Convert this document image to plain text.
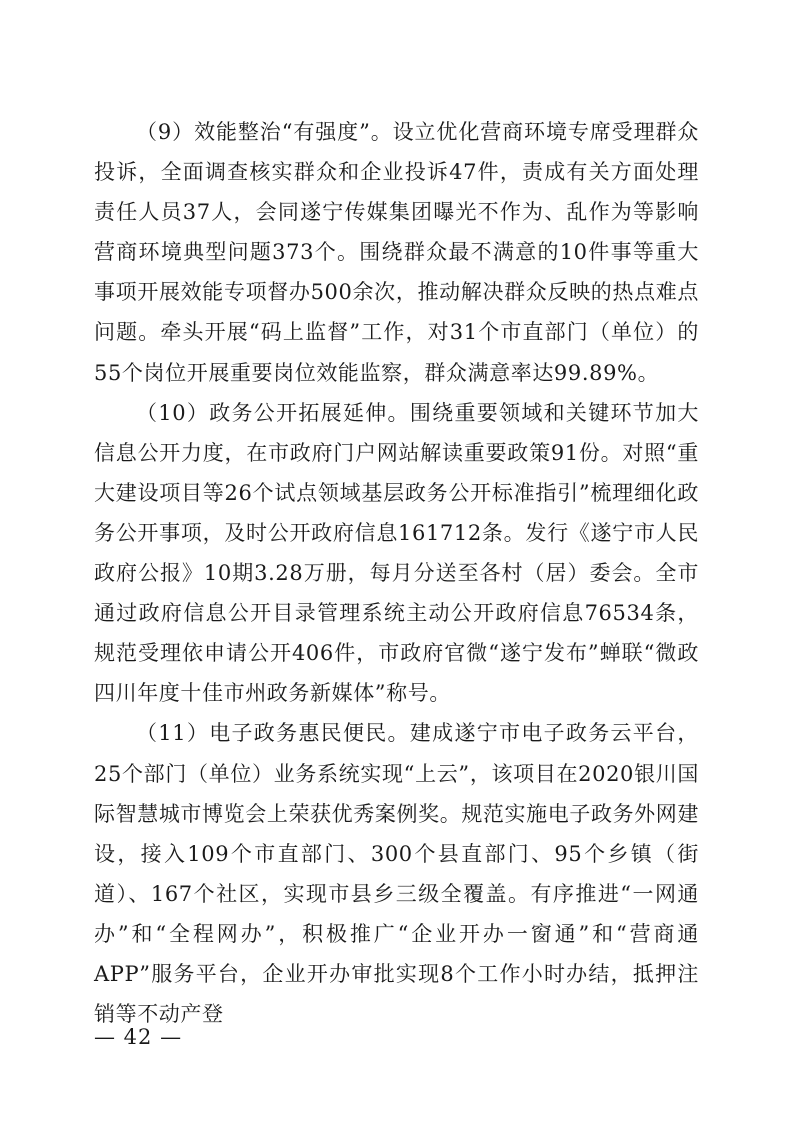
（9）效能整治“有强度”。设立优化营商环境专席受理群众投诉，全面调查核实群众和企业投诉47件，责成有关方面处理责任人员37人，会同遂宁传媒集团曝光不作为、乱作为等影响营商环境典型问题373个。围绕群众最不满意的10件事等重大事项开展效能专项督办500余次，推动解决群众反映的热点难点问题。牵头开展“码上监督”工作，对31个市直部门（单位）的55个岗位开展重要岗位效能监察，群众满意率达99.89%。

（10）政务公开拓展延伸。围绕重要领域和关键环节加大信息公开力度，在市政府门户网站解读重要政策91份。对照“重大建设项目等26个试点领域基层政务公开标准指引”梳理细化政务公开事项，及时公开政府信息161712条。发行《遂宁市人民政府公报》10期3.28万册，每月分送至各村（居）委会。全市通过政府信息公开目录管理系统主动公开政府信息76534条，规范受理依申请公开406件，市政府官微“遂宁发布”蝉联“微政四川年度十佳市州政务新媒体”称号。

（11）电子政务惠民便民。建成遂宁市电子政务云平台，25个部门（单位）业务系统实现“上云”，该项目在2020银川国际智慧城市博览会上荣获优秀案例奖。规范实施电子政务外网建设，接入109个市直部门、300个县直部门、95个乡镇（街道）、167个社区，实现市县乡三级全覆盖。有序推进“一网通办”和“全程网办”，积极推广“企业开办一窗通”和“营商通APP”服务平台，企业开办审批实现8个工作小时办结，抵押注销等不动产登

— 42 —
